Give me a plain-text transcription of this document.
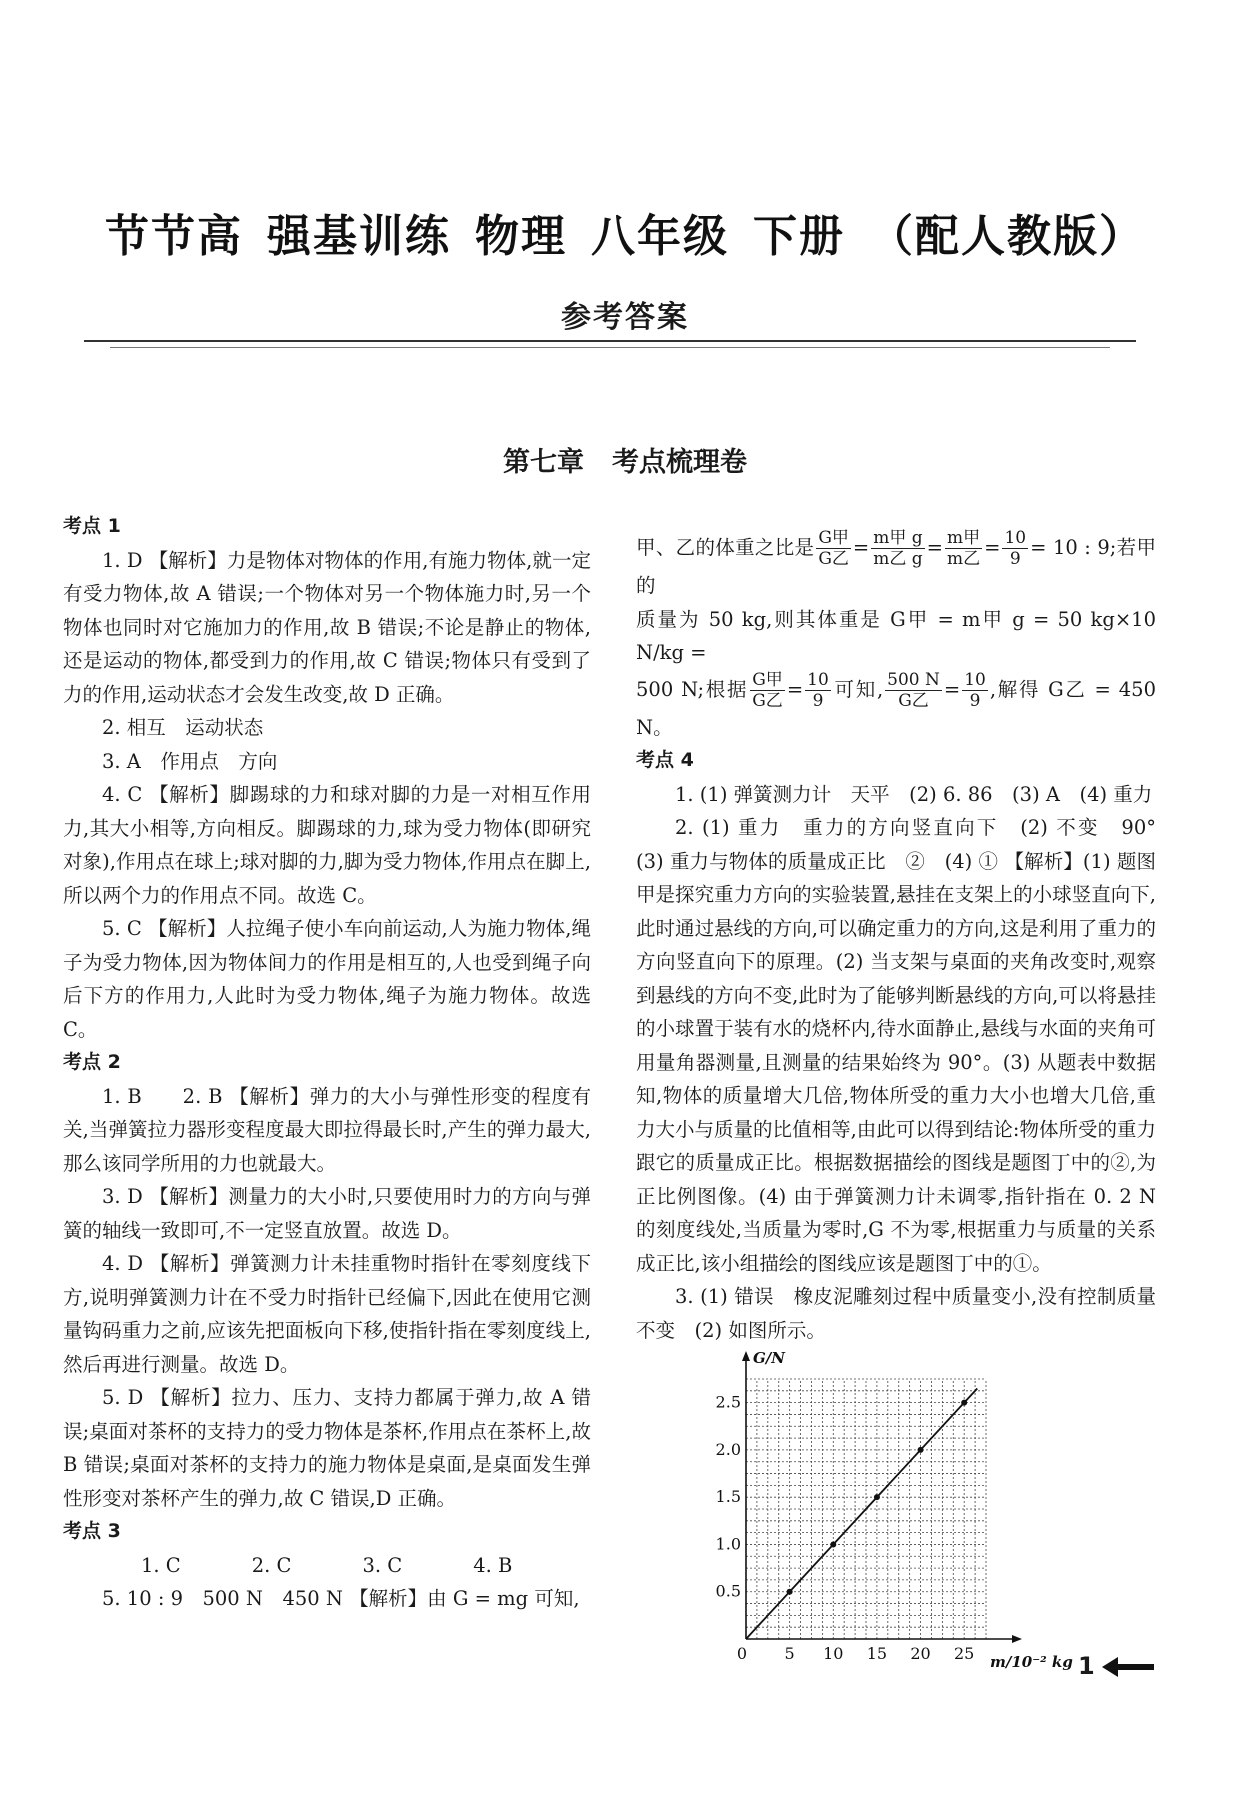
节节高 强基训练 物理 八年级 下册 （配人教版）
参考答案
第七章 考点梳理卷

考点 1

1. D 【解析】力是物体对物体的作用,有施力物体,就一定有受力物体,故 A 错误;一个物体对另一个物体施力时,另一个物体也同时对它施加力的作用,故 B 错误;不论是静止的物体,还是运动的物体,都受到力的作用,故 C 错误;物体只有受到了力的作用,运动状态才会发生改变,故 D 正确。

2. 相互　运动状态

3. A　作用点　方向

4. C 【解析】脚踢球的力和球对脚的力是一对相互作用力,其大小相等,方向相反。脚踢球的力,球为受力物体(即研究对象),作用点在球上;球对脚的力,脚为受力物体,作用点在脚上,所以两个力的作用点不同。故选 C。

5. C 【解析】人拉绳子使小车向前运动,人为施力物体,绳子为受力物体,因为物体间力的作用是相互的,人也受到绳子向后下方的作用力,人此时为受力物体,绳子为施力物体。故选 C。

考点 2

1. B　　2. B 【解析】弹力的大小与弹性形变的程度有关,当弹簧拉力器形变程度最大即拉得最长时,产生的弹力最大,那么该同学所用的力也就最大。

3. D 【解析】测量力的大小时,只要使用时力的方向与弹簧的轴线一致即可,不一定竖直放置。故选 D。

4. D 【解析】弹簧测力计未挂重物时指针在零刻度线下方,说明弹簧测力计在不受力时指针已经偏下,因此在使用它测量钩码重力之前,应该先把面板向下移,使指针指在零刻度线上,然后再进行测量。故选 D。

5. D 【解析】拉力、压力、支持力都属于弹力,故 A 错误;桌面对茶杯的支持力的受力物体是茶杯,作用点在茶杯上,故 B 错误;桌面对茶杯的支持力的施力物体是桌面,是桌面发生弹性形变对茶杯产生的弹力,故 C 错误,D 正确。

考点 3

1. C	2. C	3. C	4. B

5. 10 : 9　500 N　450 N 【解析】由 G = mg 可知,

甲、乙的体重之比是 $\frac{\text{G甲}}{\text{G乙}} = \frac{\text{m甲 g}}{\text{m乙 g}} = \frac{\text{m甲}}{\text{m乙}} = \frac{10}{9} = 10$ : 9;若甲的

质量为 50 kg,则其体重是 G甲 = m甲 g = 50 kg×10 N/kg =

500 N;根据 $\frac{\text{G甲}}{\text{G乙}} = \frac{10}{9}$ 可知, $\frac{500 N}{\text{G乙}} = \frac{10}{9}$ ,解得 G乙 = 450 N。

考点 4

1. (1) 弹簧测力计　天平　(2) 6. 86　(3) A　(4) 重力

2. (1) 重力　重力的方向竖直向下　(2) 不变　90°　(3) 重力与物体的质量成正比　②　(4) ① 【解析】(1) 题图甲是探究重力方向的实验装置,悬挂在支架上的小球竖直向下,此时通过悬线的方向,可以确定重力的方向,这是利用了重力的方向竖直向下的原理。(2) 当支架与桌面的夹角改变时,观察到悬线的方向不变,此时为了能够判断悬线的方向,可以将悬挂的小球置于装有水的烧杯内,待水面静止,悬线与水面的夹角可用量角器测量,且测量的结果始终为 90°。(3) 从题表中数据知,物体的质量增大几倍,物体所受的重力大小也增大几倍,重力大小与质量的比值相等,由此可以得到结论:物体所受的重力跟它的质量成正比。根据数据描绘的图线是题图丁中的②,为正比例图像。(4) 由于弹簧测力计未调零,指针指在 0. 2 N 的刻度线处,当质量为零时,G 不为零,根据重力与质量的关系成正比,该小组描绘的图线应该是题图丁中的①。

3. (1) 错误　橡皮泥雕刻过程中质量变小,没有控制质量不变　(2) 如图所示。

G/N
m/10⁻² kg
0 5 10 15 20 25
0.5
1.0
1.5
2.0
2.5
1
